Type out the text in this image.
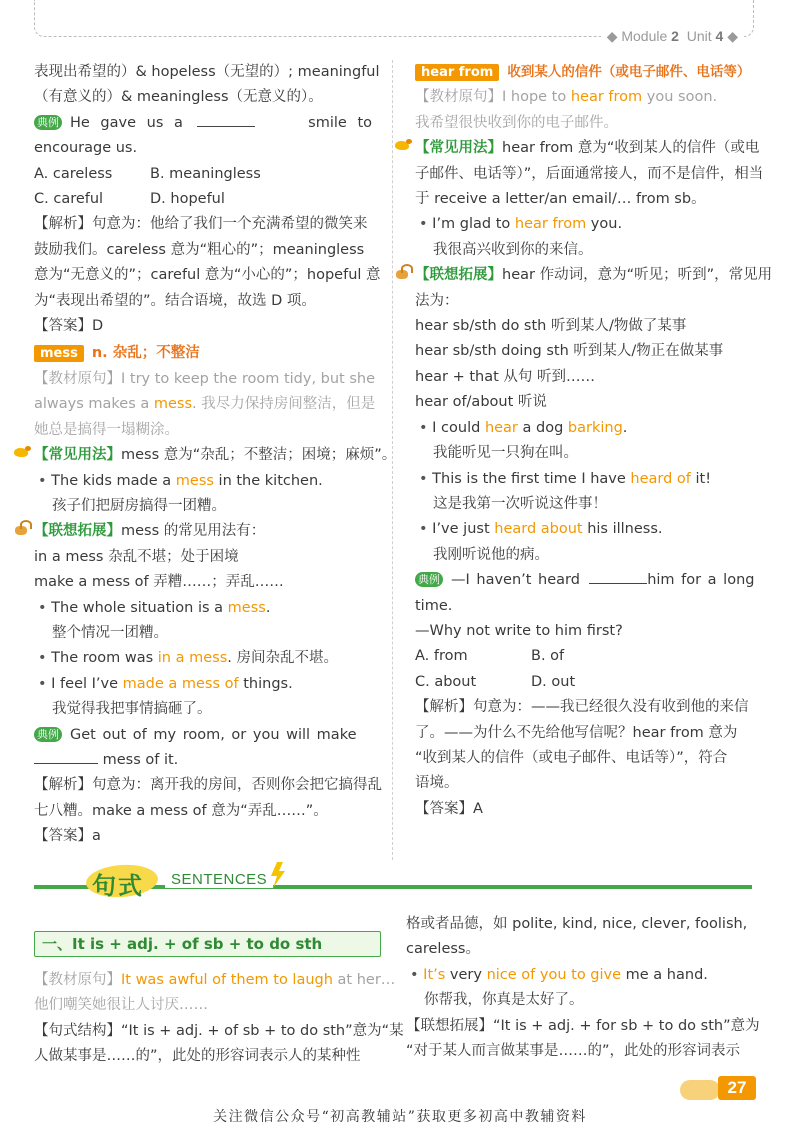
◆ Module 2 Unit 4 ◆
表现出希望的）& hopeless（无望的）; meaningful
（有意义的）& meaningless（无意义的）。
典例 He gave us a	smile to
encourage us.
A. careless	B. meaningless
C. careful	D. hopeful
【解析】句意为：他给了我们一个充满希望的微笑来
鼓励我们。careless 意为“粗心的”；meaningless
意为“无意义的”；careful 意为“小心的”；hopeful 意
为“表现出希望的”。结合语境，故选 D 项。
【答案】D
mess n. 杂乱；不整洁
【教材原句】I try to keep the room tidy, but she
always makes a mess. 我尽力保持房间整洁，但是
她总是搞得一塌糊涂。
【常见用法】mess 意为“杂乱；不整洁；困境；麻烦”。
• The kids made a mess in the kitchen.
孩子们把厨房搞得一团糟。
【联想拓展】mess 的常见用法有：
in a mess 杂乱不堪；处于困境
make a mess of 弄糟……；弄乱……
• The whole situation is a mess.
整个情况一团糟。
• The room was in a mess. 房间杂乱不堪。
• I feel I’ve made a mess of things.
我觉得我把事情搞砸了。
典例 Get out of my room, or you will make
mess of it.
【解析】句意为：离开我的房间，否则你会把它搞得乱
七八糟。make a mess of 意为“弄乱……”。
【答案】a
hear from 收到某人的信件（或电子邮件、电话等）
【教材原句】I hope to hear from you soon.
我希望很快收到你的电子邮件。
【常见用法】hear from 意为“收到某人的信件（或电
子邮件、电话等）”，后面通常接人，而不是信件，相当
于 receive a letter/an email/… from sb。
• I’m glad to hear from you.
我很高兴收到你的来信。
【联想拓展】hear 作动词，意为“听见；听到”，常见用
法为：
hear sb/sth do sth 听到某人/物做了某事
hear sb/sth doing sth 听到某人/物正在做某事
hear + that 从句 听到……
hear of/about 听说
• I could hear a dog barking.
我能听见一只狗在叫。
• This is the first time I have heard of it!
这是我第一次听说这件事！
• I’ve just heard about his illness.
我刚听说他的病。
典例 —I haven’t heard	him for a long
time.
—Why not write to him first?
A. from	B. of
C. about	D. out
【解析】句意为：——我已经很久没有收到他的来信
了。——为什么不先给他写信呢？hear from 意为
“收到某人的信件（或电子邮件、电话等）”，符合
语境。
【答案】A
句式	SENTENCES
一、It is + adj. + of sb + to do sth
【教材原句】It was awful of them to laugh at her…
他们嘲笑她很让人讨厌……
【句式结构】“It is + adj. + of sb + to do sth”意为“某
人做某事是……的”，此处的形容词表示人的某种性
格或者品德，如 polite, kind, nice, clever, foolish,
careless。
• It’s very nice of you to give me a hand.
你帮我，你真是太好了。
【联想拓展】“It is + adj. + for sb + to do sth”意为
“对于某人而言做某事是……的”，此处的形容词表示
27
关注微信公众号“初高教辅站”获取更多初高中教辅资料
